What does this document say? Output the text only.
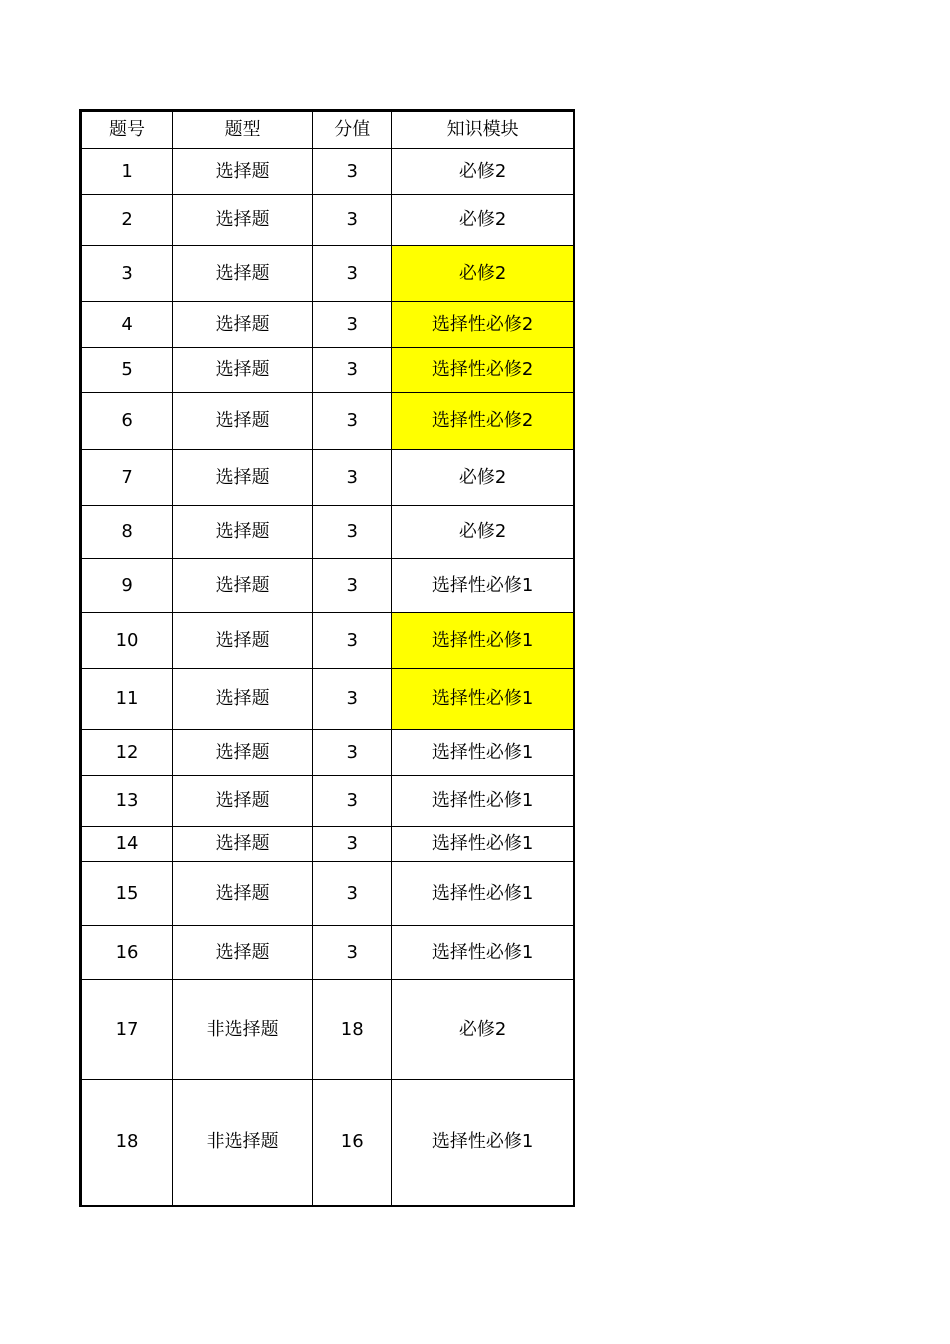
题号	题型	分值	知识模块
1	选择题	3	必修2
2	选择题	3	必修2
3	选择题	3	必修2
4	选择题	3	选择性必修2
5	选择题	3	选择性必修2
6	选择题	3	选择性必修2
7	选择题	3	必修2
8	选择题	3	必修2
9	选择题	3	选择性必修1
10	选择题	3	选择性必修1
11	选择题	3	选择性必修1
12	选择题	3	选择性必修1
13	选择题	3	选择性必修1
14	选择题	3	选择性必修1
15	选择题	3	选择性必修1
16	选择题	3	选择性必修1
17	非选择题	18	必修2
18	非选择题	16	选择性必修1
